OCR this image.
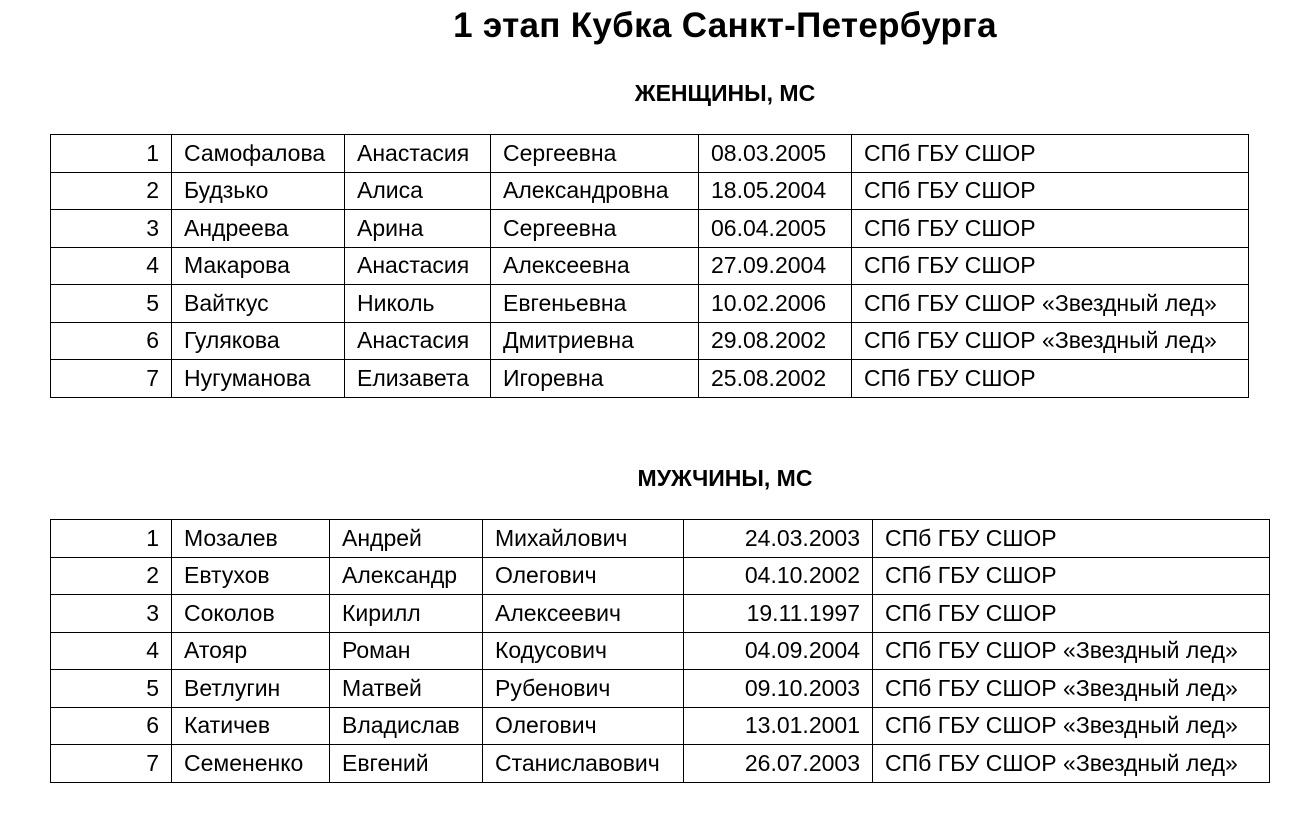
1 этап Кубка Санкт-Петербурга
ЖЕНЩИНЫ, МС
1	Самофалова	Анастасия	Сергеевна	08.03.2005	СПб ГБУ СШОР
2	Будзько	Алиса	Александровна	18.05.2004	СПб ГБУ СШОР
3	Андреева	Арина	Сергеевна	06.04.2005	СПб ГБУ СШОР
4	Макарова	Анастасия	Алексеевна	27.09.2004	СПб ГБУ СШОР
5	Вайткус	Николь	Евгеньевна	10.02.2006	СПб ГБУ СШОР «Звездный лед»
6	Гулякова	Анастасия	Дмитриевна	29.08.2002	СПб ГБУ СШОР «Звездный лед»
7	Нугуманова	Елизавета	Игоревна	25.08.2002	СПб ГБУ СШОР
МУЖЧИНЫ, МС
1	Мозалев	Андрей	Михайлович	24.03.2003	СПб ГБУ СШОР
2	Евтухов	Александр	Олегович	04.10.2002	СПб ГБУ СШОР
3	Соколов	Кирилл	Алексеевич	19.11.1997	СПб ГБУ СШОР
4	Атояр	Роман	Кодусович	04.09.2004	СПб ГБУ СШОР «Звездный лед»
5	Ветлугин	Матвей	Рубенович	09.10.2003	СПб ГБУ СШОР «Звездный лед»
6	Катичев	Владислав	Олегович	13.01.2001	СПб ГБУ СШОР «Звездный лед»
7	Семененко	Евгений	Станиславович	26.07.2003	СПб ГБУ СШОР «Звездный лед»
